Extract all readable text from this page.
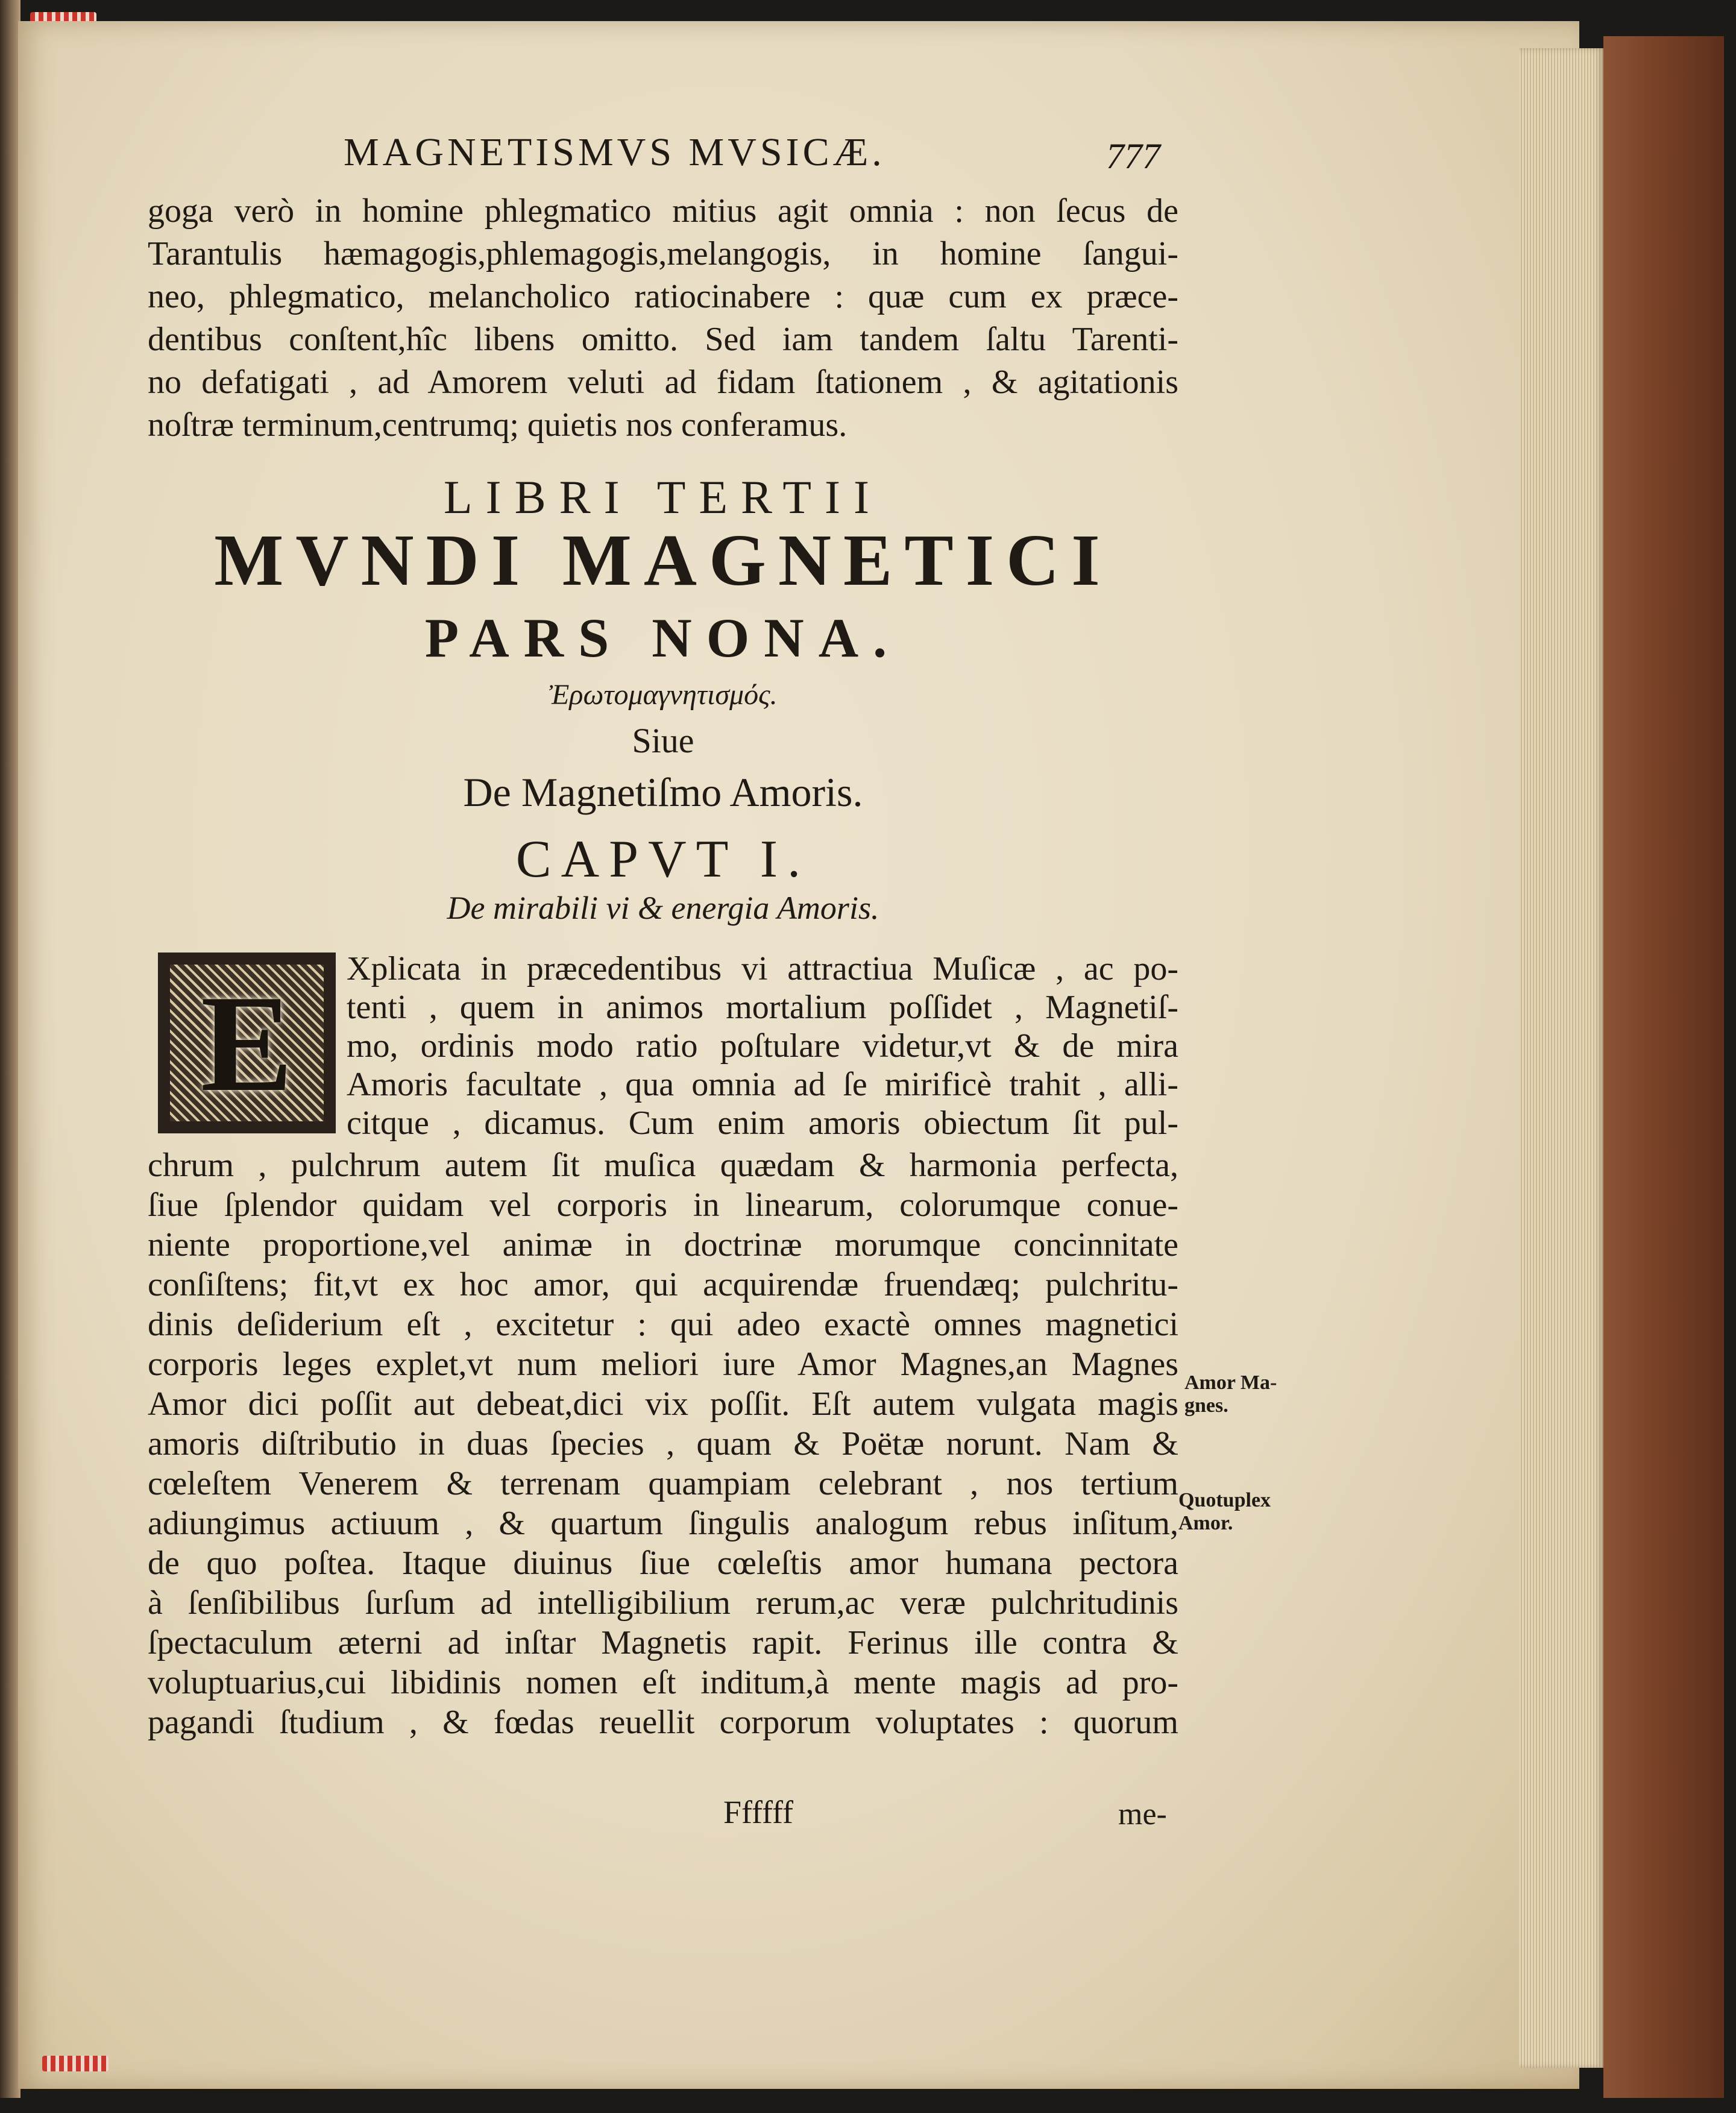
MAGNETISMVS MVSICÆ.	777
goga verò in homine phlegmatico mitius agit omnia : non ſecus de
Tarantulis hæmagogis,phlemagogis,melangogis, in homine ſangui-
neo, phlegmatico, melancholico ratiocinabere : quæ cum ex præce-
dentibus conſtent,hîc libens omitto. Sed iam tandem ſaltu Tarenti-
no defatigati , ad Amorem veluti ad fidam ſtationem , & agitationis
noſtræ terminum,centrumq; quietis nos conferamus.
LIBRI TERTII
MVNDI MAGNETICI
PARS NONA.
Ἐρωτομαγνητισμός.
Siue
De Magnetiſmo Amoris.
CAPVT I.
De mirabili vi & energia Amoris.
E	Xplicata in præcedentibus vi attractiua Muſicæ , ac po-
tenti , quem in animos mortalium poſſidet , Magnetiſ-
mo, ordinis modo ratio poſtulare videtur,vt & de mira
Amoris facultate , qua omnia ad ſe mirificè trahit , alli-
citque , dicamus. Cum enim amoris obiectum ſit pul-
chrum , pulchrum autem ſit muſica quædam & harmonia perfecta,
ſiue ſplendor quidam vel corporis in linearum, colorumque conue-
niente proportione,vel animæ in doctrinæ morumque concinnitate
conſiſtens; fit,vt ex hoc amor, qui acquirendæ fruendæq; pulchritu-
dinis deſiderium eſt , excitetur : qui adeo exactè omnes magnetici
corporis leges explet,vt num meliori iure Amor Magnes,an Magnes
Amor dici poſſit aut debeat,dici vix poſſit. Eſt autem vulgata magis
amoris diſtributio in duas ſpecies , quam & Poëtæ norunt. Nam &
cœleſtem Venerem & terrenam quampiam celebrant , nos tertium
adiungimus actiuum , & quartum ſingulis analogum rebus inſitum,
de quo poſtea. Itaque diuinus ſiue cœleſtis amor humana pectora
à ſenſibilibus ſurſum ad intelligibilium rerum,ac veræ pulchritudinis
ſpectaculum æterni ad inſtar Magnetis rapit. Ferinus ille contra &
voluptuarius,cui libidinis nomen eſt inditum,à mente magis ad pro-
pagandi ſtudium , & fœdas reuellit corporum voluptates : quorum
Amor Ma-
gnes.
Quotuplex
Amor.
Ffffff	me-
